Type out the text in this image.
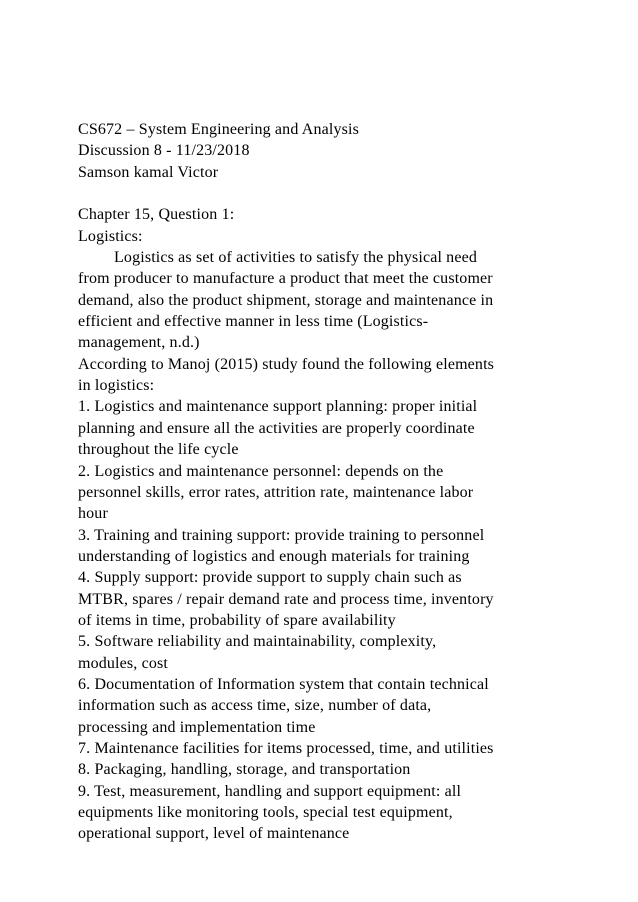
CS672 – System Engineering and Analysis
Discussion 8 - 11/23/2018
Samson kamal Victor
Chapter 15, Question 1:
Logistics:
Logistics as set of activities to satisfy the physical need
from producer to manufacture a product that meet the customer
demand, also the product shipment, storage and maintenance in
efficient and effective manner in less time (Logistics-
management, n.d.)
According to Manoj (2015) study found the following elements
in logistics:
1. Logistics and maintenance support planning: proper initial
planning and ensure all the activities are properly coordinate
throughout the life cycle
2. Logistics and maintenance personnel: depends on the
personnel skills, error rates, attrition rate, maintenance labor
hour
3. Training and training support: provide training to personnel
understanding of logistics and enough materials for training
4. Supply support: provide support to supply chain such as
MTBR, spares / repair demand rate and process time, inventory
of items in time, probability of spare availability
5. Software reliability and maintainability, complexity,
modules, cost
6. Documentation of Information system that contain technical
information such as access time, size, number of data,
processing and implementation time
7. Maintenance facilities for items processed, time, and utilities
8. Packaging, handling, storage, and transportation
9. Test, measurement, handling and support equipment: all
equipments like monitoring tools, special test equipment,
operational support, level of maintenance
